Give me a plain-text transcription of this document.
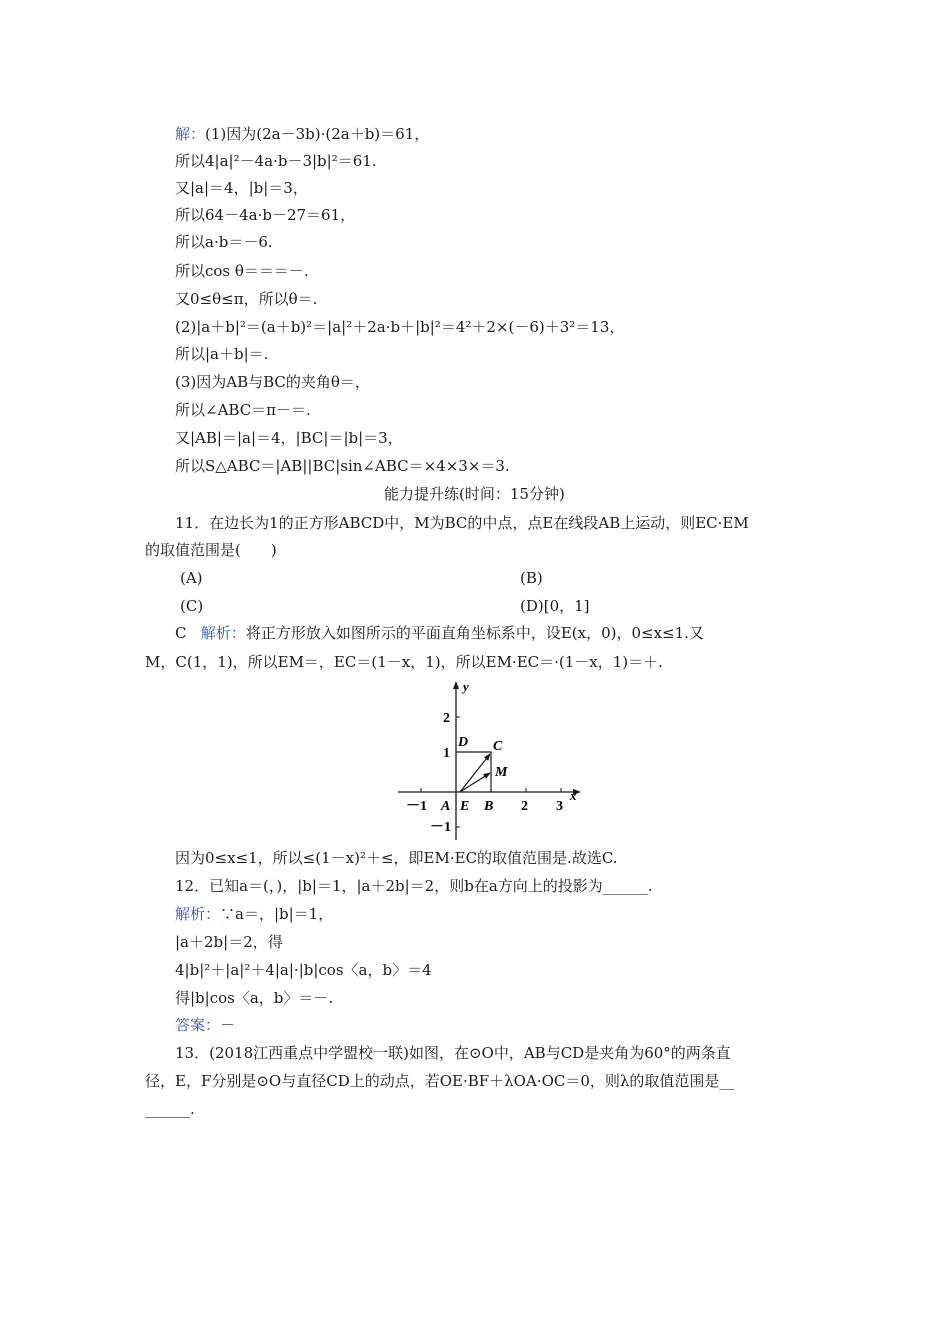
解：(1)因为(2a－3b)·(2a＋b)＝61，
所以4|a|²－4a·b－3|b|²＝61.
又|a|＝4，|b|＝3，
所以64－4a·b－27＝61，
所以a·b＝－6.
所以cos θ＝＝＝－.
又0≤θ≤π，所以θ＝.
(2)|a＋b|²＝(a＋b)²＝|a|²＋2a·b＋|b|²＝4²＋2×(－6)＋3²＝13，
所以|a＋b|＝.
(3)因为AB与BC的夹角θ＝，
所以∠ABC＝π－＝.
又|AB|＝|a|＝4，|BC|＝|b|＝3，
所以S△ABC＝|AB||BC|sin∠ABC＝×4×3×＝3.
能力提升练(时间：15分钟)
11．在边长为1的正方形ABCD中，M为BC的中点，点E在线段AB上运动，则EC·EM
的取值范围是(　　)
(A)	(B)
(C)	(D)[0，1]
C 解析：将正方形放入如图所示的平面直角坐标系中，设E(x，0)，0≤x≤1.又
M，C(1，1)，所以EM＝，EC＝(1－x，1)，所以EM·EC＝·(1－x，1)＝＋.
y
x
2
1
－1
－1	2 3
A E B
D C
M
因为0≤x≤1，所以≤(1－x)²＋≤，即EM·EC的取值范围是.故选C.
12．已知a＝(，)，|b|＝1，|a＋2b|＝2，则b在a方向上的投影为______.
解析：∵a＝，|b|＝1，
|a＋2b|＝2，得
4|b|²＋|a|²＋4|a|·|b|cos〈a，b〉＝4
得|b|cos〈a，b〉＝－.
答案：－
13．(2018江西重点中学盟校一联)如图，在⊙O中，AB与CD是夹角为60°的两条直
径，E，F分别是⊙O与直径CD上的动点，若OE·BF＋λOA·OC＝0，则λ的取值范围是__
______.
